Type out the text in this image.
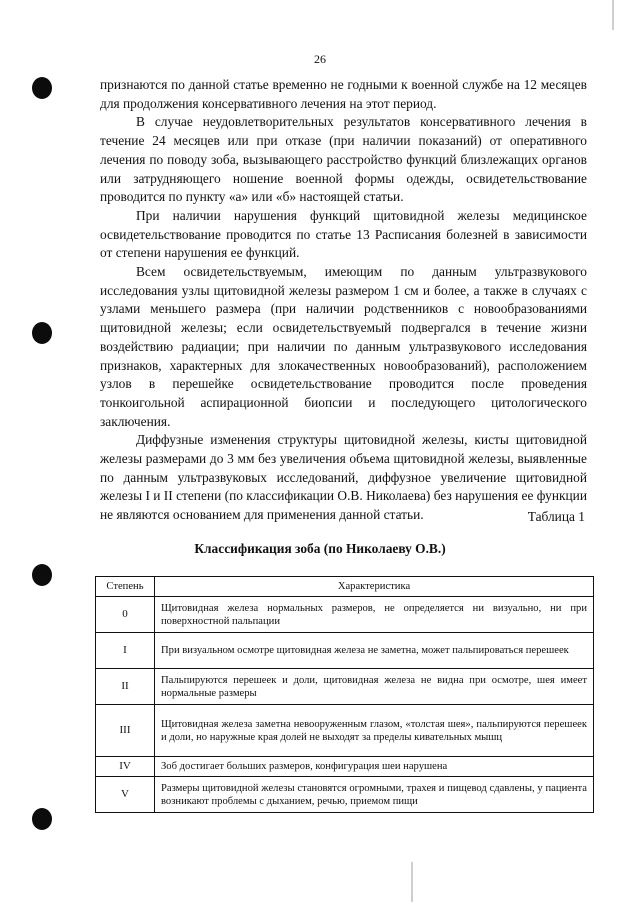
26

признаются по данной статье временно не годными к военной службе на 12 месяцев для продолжения консервативного лечения на этот период.

В случае неудовлетворительных результатов консервативного лечения в течение 24 месяцев или при отказе (при наличии показаний) от оперативного лечения по поводу зоба, вызывающего расстройство функций близлежащих органов или затрудняющего ношение военной формы одежды, освидетельствование проводится по пункту «а» или «б» настоящей статьи.

При наличии нарушения функций щитовидной железы медицинское освидетельствование проводится по статье 13 Расписания болезней в зависимости от степени нарушения ее функций.

Всем освидетельствуемым, имеющим по данным ультразвукового исследования узлы щитовидной железы размером 1 см и более, а также в случаях с узлами меньшего размера (при наличии родственников с новообразованиями щитовидной железы; если освидетельствуемый подвергался в течение жизни воздействию радиации; при наличии по данным ультразвукового исследования признаков, характерных для злокачественных новообразований), расположением узлов в перешейке освидетельствование проводится после проведения тонкоигольной аспирационной биопсии и последующего цитологического заключения.

Диффузные изменения структуры щитовидной железы, кисты щитовидной железы размерами до 3 мм без увеличения объема щитовидной железы, выявленные по данным ультразвуковых исследований, диффузное увеличение щитовидной железы I и II степени (по классификации О.В. Николаева) без нарушения ее функции не являются основанием для применения данной статьи.	Таблица 1
Классификация зоба (по Николаеву О.В.)
Степень	Характеристика
0	Щитовидная железа нормальных размеров, не определяется ни визуально, ни при поверхностной пальпации
I	При визуальном осмотре щитовидная железа не заметна, может пальпироваться перешеек
II	Пальпируются перешеек и доли, щитовидная железа не видна при осмотре, шея имеет нормальные размеры
III	Щитовидная железа заметна невооруженным глазом, «толстая шея», пальпируются перешеек и доли, но наружные края долей не выходят за пределы кивательных мышц
IV	Зоб достигает больших размеров, конфигурация шеи нарушена
V	Размеры щитовидной железы становятся огромными, трахея и пищевод сдавлены, у пациента возникают проблемы с дыханием, речью, приемом пищи
